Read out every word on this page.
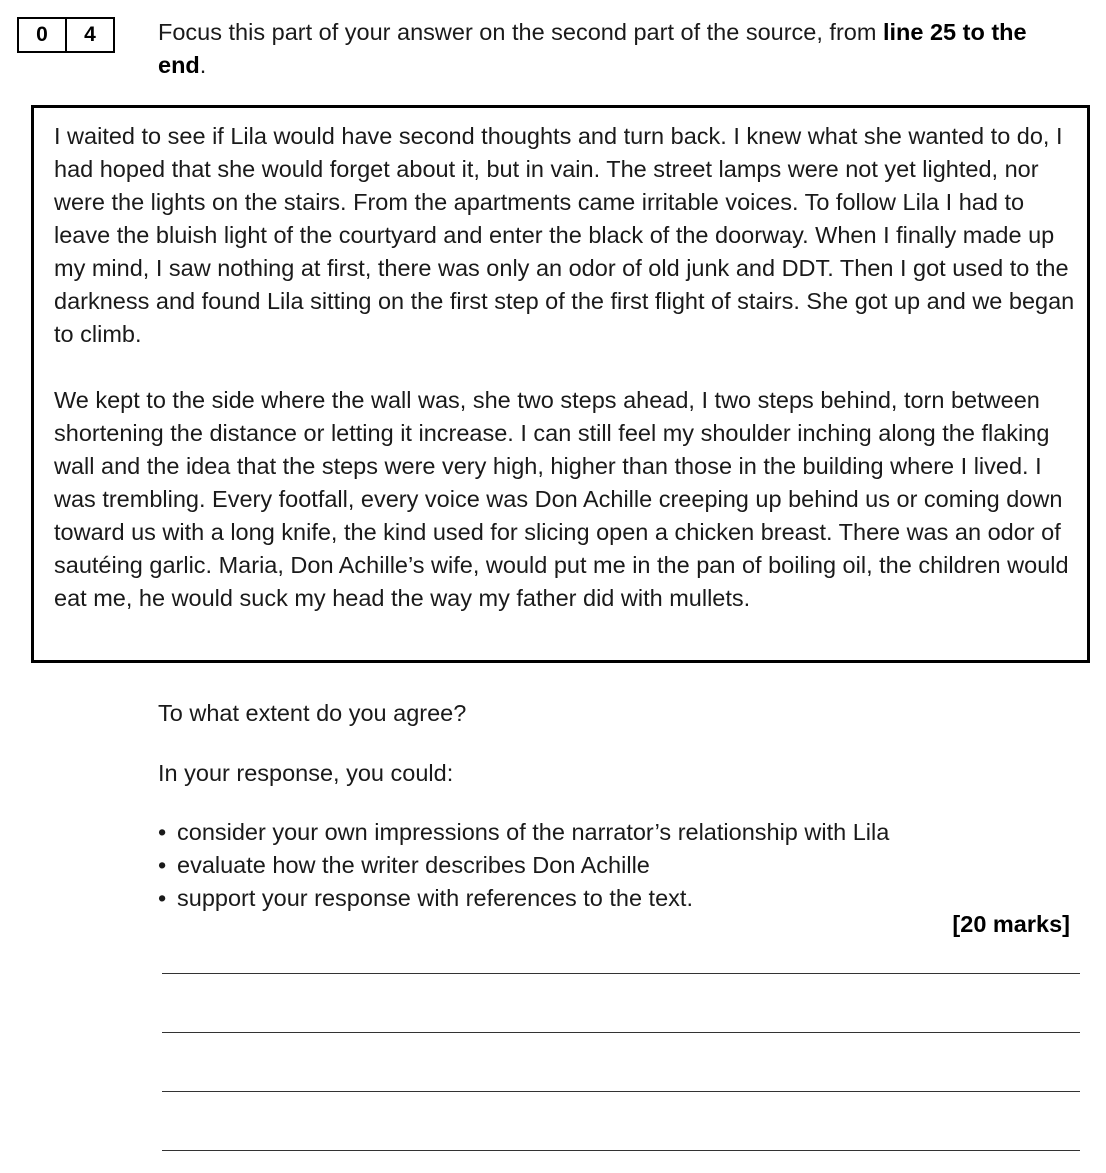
0	4	Focus this part of your answer on the second part of the source, from line 25 to the end.

I waited to see if Lila would have second thoughts and turn back. I knew what she wanted to do, I had hoped that she would forget about it, but in vain. The street lamps were not yet lighted, nor were the lights on the stairs. From the apartments came irritable voices. To follow Lila I had to leave the bluish light of the courtyard and enter the black of the doorway. When I finally made up my mind, I saw nothing at first, there was only an odor of old junk and DDT. Then I got used to the darkness and found Lila sitting on the first step of the first flight of stairs. She got up and we began to climb.

We kept to the side where the wall was, she two steps ahead, I two steps behind, torn between shortening the distance or letting it increase. I can still feel my shoulder inching along the flaking wall and the idea that the steps were very high, higher than those in the building where I lived. I was trembling. Every footfall, every voice was Don Achille creeping up behind us or coming down toward us with a long knife, the kind used for slicing open a chicken breast. There was an odor of sautéing garlic. Maria, Don Achille’s wife, would put me in the pan of boiling oil, the children would eat me, he would suck my head the way my father did with mullets.

To what extent do you agree?

In your response, you could:

• consider your own impressions of the narrator’s relationship with Lila
• evaluate how the writer describes Don Achille
• support your response with references to the text.
[20 marks]
